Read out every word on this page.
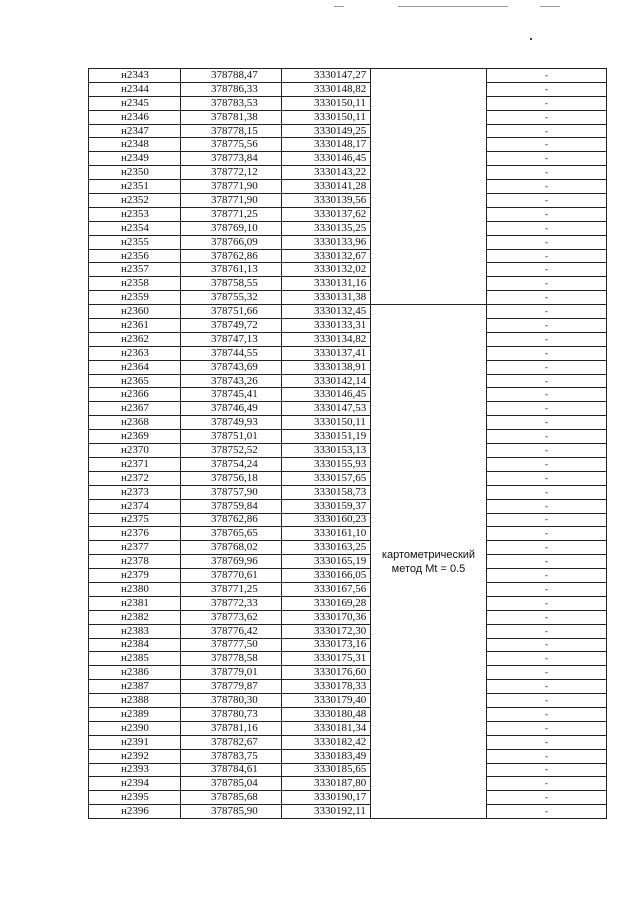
н2343	378788,47	3330147,27		-
н2344	378786,33	3330148,82		-
н2345	378783,53	3330150,11		-
н2346	378781,38	3330150,11		-
н2347	378778,15	3330149,25		-
н2348	378775,56	3330148,17		-
н2349	378773,84	3330146,45		-
н2350	378772,12	3330143,22		-
н2351	378771,90	3330141,28		-
н2352	378771,90	3330139,56		-
н2353	378771,25	3330137,62		-
н2354	378769,10	3330135,25		-
н2355	378766,09	3330133,96		-
н2356	378762,86	3330132,67		-
н2357	378761,13	3330132,02		-
н2358	378758,55	3330131,16		-
н2359	378755,32	3330131,38		-
н2360	378751,66	3330132,45	картометрический метод Mt = 0.5	-
н2361	378749,72	3330133,31		-
н2362	378747,13	3330134,82		-
н2363	378744,55	3330137,41		-
н2364	378743,69	3330138,91		-
н2365	378743,26	3330142,14		-
н2366	378745,41	3330146,45		-
н2367	378746,49	3330147,53		-
н2368	378749,93	3330150,11		-
н2369	378751,01	3330151,19		-
н2370	378752,52	3330153,13		-
н2371	378754,24	3330155,93		-
н2372	378756,18	3330157,65		-
н2373	378757,90	3330158,73		-
н2374	378759,84	3330159,37		-
н2375	378762,86	3330160,23		-
н2376	378765,65	3330161,10		-
н2377	378768,02	3330163,25		-
н2378	378769,96	3330165,19		-
н2379	378770,61	3330166,05		-
н2380	378771,25	3330167,56		-
н2381	378772,33	3330169,28		-
н2382	378773,62	3330170,36		-
н2383	378776,42	3330172,30		-
н2384	378777,50	3330173,16		-
н2385	378778,58	3330175,31		-
н2386	378779,01	3330176,60		-
н2387	378779,87	3330178,33		-
н2388	378780,30	3330179,40		-
н2389	378780,73	3330180,48		-
н2390	378781,16	3330181,34		-
н2391	378782,67	3330182,42		-
н2392	378783,75	3330183,49		-
н2393	378784,61	3330185,65		-
н2394	378785,04	3330187,80		-
н2395	378785,68	3330190,17		-
н2396	378785,90	3330192,11		-
